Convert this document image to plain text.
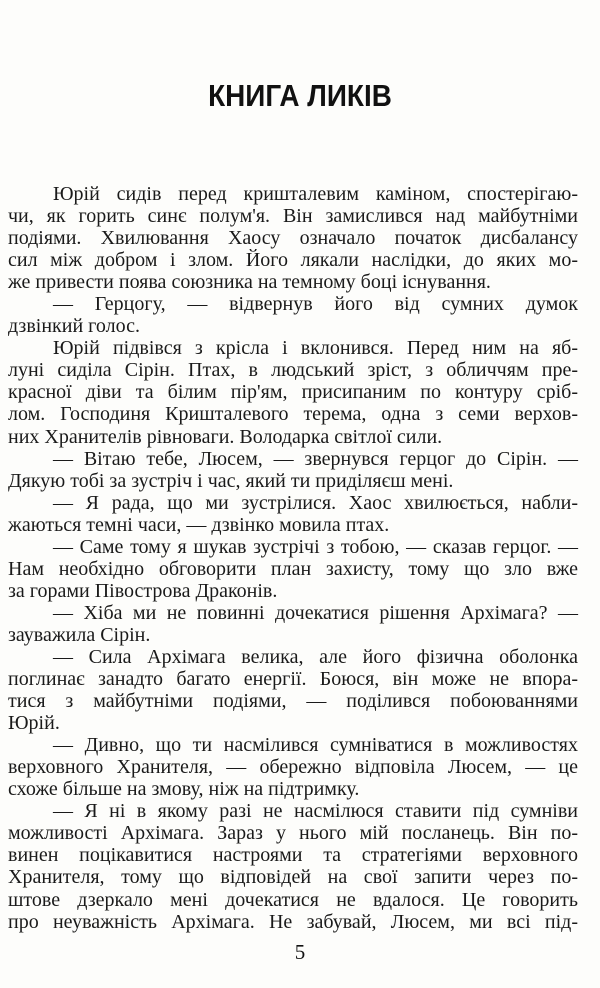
КНИГА ЛИКІВ
Юрій сидів перед кришталевим каміном, спостерігаю-
чи, як горить синє полум'я. Він замислився над майбутніми
подіями. Хвилювання Хаосу означало початок дисбалансу
сил між добром і злом. Його лякали наслідки, до яких мо-
же привести поява союзника на темному боці існування.
— Герцогу, — відвернув його від сумних думок
дзвінкий голос.
Юрій підвівся з крісла і вклонився. Перед ним на яб-
луні сиділа Сірін. Птах, в людський зріст, з обличчям пре-
красної діви та білим пір'ям, присипаним по контуру сріб-
лом. Господиня Кришталевого терема, одна з семи верхов-
них Хранителів рівноваги. Володарка світлої сили.
— Вітаю тебе, Люсем, — звернувся герцог до Сірін. —
Дякую тобі за зустріч і час, який ти приділяєш мені.
— Я рада, що ми зустрілися. Хаос хвилюється, набли-
жаються темні часи, — дзвінко мовила птах.
— Саме тому я шукав зустрічі з тобою, — сказав герцог. —
Нам необхідно обговорити план захисту, тому що зло вже
за горами Півострова Драконів.
— Хіба ми не повинні дочекатися рішення Архімага? —
зауважила Сірін.
— Сила Архімага велика, але його фізична оболонка
поглинає занадто багато енергії. Боюся, він може не впора-
тися з майбутніми подіями, — поділився побоюваннями
Юрій.
— Дивно, що ти насмілився сумніватися в можливостях
верховного Хранителя, — обережно відповіла Люсем, — це
схоже більше на змову, ніж на підтримку.
— Я ні в якому разі не насмілюся ставити під сумніви
можливості Архімага. Зараз у нього мій посланець. Він по-
винен поцікавитися настроями та стратегіями верховного
Хранителя, тому що відповідей на свої запити через по-
штове дзеркало мені дочекатися не вдалося. Це говорить
про неуважність Архімага. Не забувай, Люсем, ми всі під-
5
